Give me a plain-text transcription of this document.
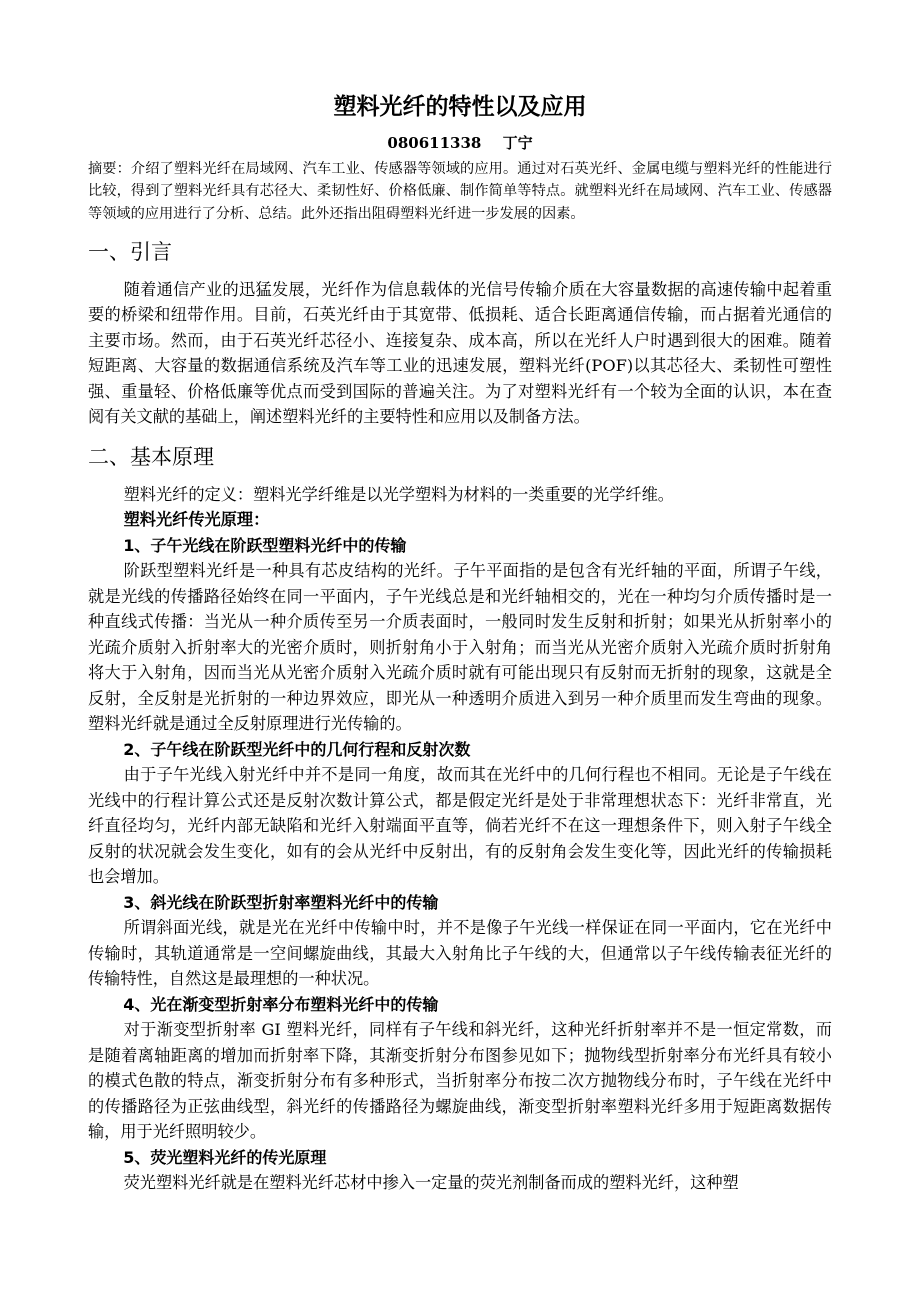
塑料光纤的特性以及应用
080611338 丁宁

摘要：介绍了塑料光纤在局域网、汽车工业、传感器等领域的应用。通过对石英光纤、金属电缆与塑料光纤的性能进行比较，得到了塑料光纤具有芯径大、柔韧性好、价格低廉、制作简单等特点。就塑料光纤在局域网、汽车工业、传感器等领域的应用进行了分析、总结。此外还指出阻碍塑料光纤进一步发展的因素。

一、引言

随着通信产业的迅猛发展，光纤作为信息载体的光信号传输介质在大容量数据的高速传输中起着重要的桥梁和纽带作用。目前，石英光纤由于其宽带、低损耗、适合长距离通信传输，而占据着光通信的主要市场。然而，由于石英光纤芯径小、连接复杂、成本高，所以在光纤人户时遇到很大的困难。随着短距离、大容量的数据通信系统及汽车等工业的迅速发展，塑料光纤(POF)以其芯径大、柔韧性可塑性强、重量轻、价格低廉等优点而受到国际的普遍关注。为了对塑料光纤有一个较为全面的认识，本在查阅有关文献的基础上，阐述塑料光纤的主要特性和应用以及制备方法。

二、基本原理

塑料光纤的定义：塑料光学纤维是以光学塑料为材料的一类重要的光学纤维。

塑料光纤传光原理：

1、子午光线在阶跃型塑料光纤中的传输

阶跃型塑料光纤是一种具有芯皮结构的光纤。子午平面指的是包含有光纤轴的平面，所谓子午线，就是光线的传播路径始终在同一平面内，子午光线总是和光纤轴相交的，光在一种均匀介质传播时是一种直线式传播：当光从一种介质传至另一介质表面时，一般同时发生反射和折射；如果光从折射率小的光疏介质射入折射率大的光密介质时，则折射角小于入射角；而当光从光密介质射入光疏介质时折射角将大于入射角，因而当光从光密介质射入光疏介质时就有可能出现只有反射而无折射的现象，这就是全反射，全反射是光折射的一种边界效应，即光从一种透明介质进入到另一种介质里而发生弯曲的现象。塑料光纤就是通过全反射原理进行光传输的。

2、子午线在阶跃型光纤中的几何行程和反射次数

由于子午光线入射光纤中并不是同一角度，故而其在光纤中的几何行程也不相同。无论是子午线在光线中的行程计算公式还是反射次数计算公式，都是假定光纤是处于非常理想状态下：光纤非常直，光纤直径均匀，光纤内部无缺陷和光纤入射端面平直等，倘若光纤不在这一理想条件下，则入射子午线全反射的状况就会发生变化，如有的会从光纤中反射出，有的反射角会发生变化等，因此光纤的传输损耗也会增加。

3、斜光线在阶跃型折射率塑料光纤中的传输

所谓斜面光线，就是光在光纤中传输中时，并不是像子午光线一样保证在同一平面内，它在光纤中传输时，其轨道通常是一空间螺旋曲线，其最大入射角比子午线的大，但通常以子午线传输表征光纤的传输特性，自然这是最理想的一种状况。

4、光在渐变型折射率分布塑料光纤中的传输

对于渐变型折射率 GI 塑料光纤，同样有子午线和斜光纤，这种光纤折射率并不是一恒定常数，而是随着离轴距离的增加而折射率下降，其渐变折射分布图参见如下；抛物线型折射率分布光纤具有较小的模式色散的特点，渐变折射分布有多种形式，当折射率分布按二次方抛物线分布时，子午线在光纤中的传播路径为正弦曲线型，斜光纤的传播路径为螺旋曲线，渐变型折射率塑料光纤多用于短距离数据传输，用于光纤照明较少。

5、荧光塑料光纤的传光原理

荧光塑料光纤就是在塑料光纤芯材中掺入一定量的荧光剂制备而成的塑料光纤，这种塑
